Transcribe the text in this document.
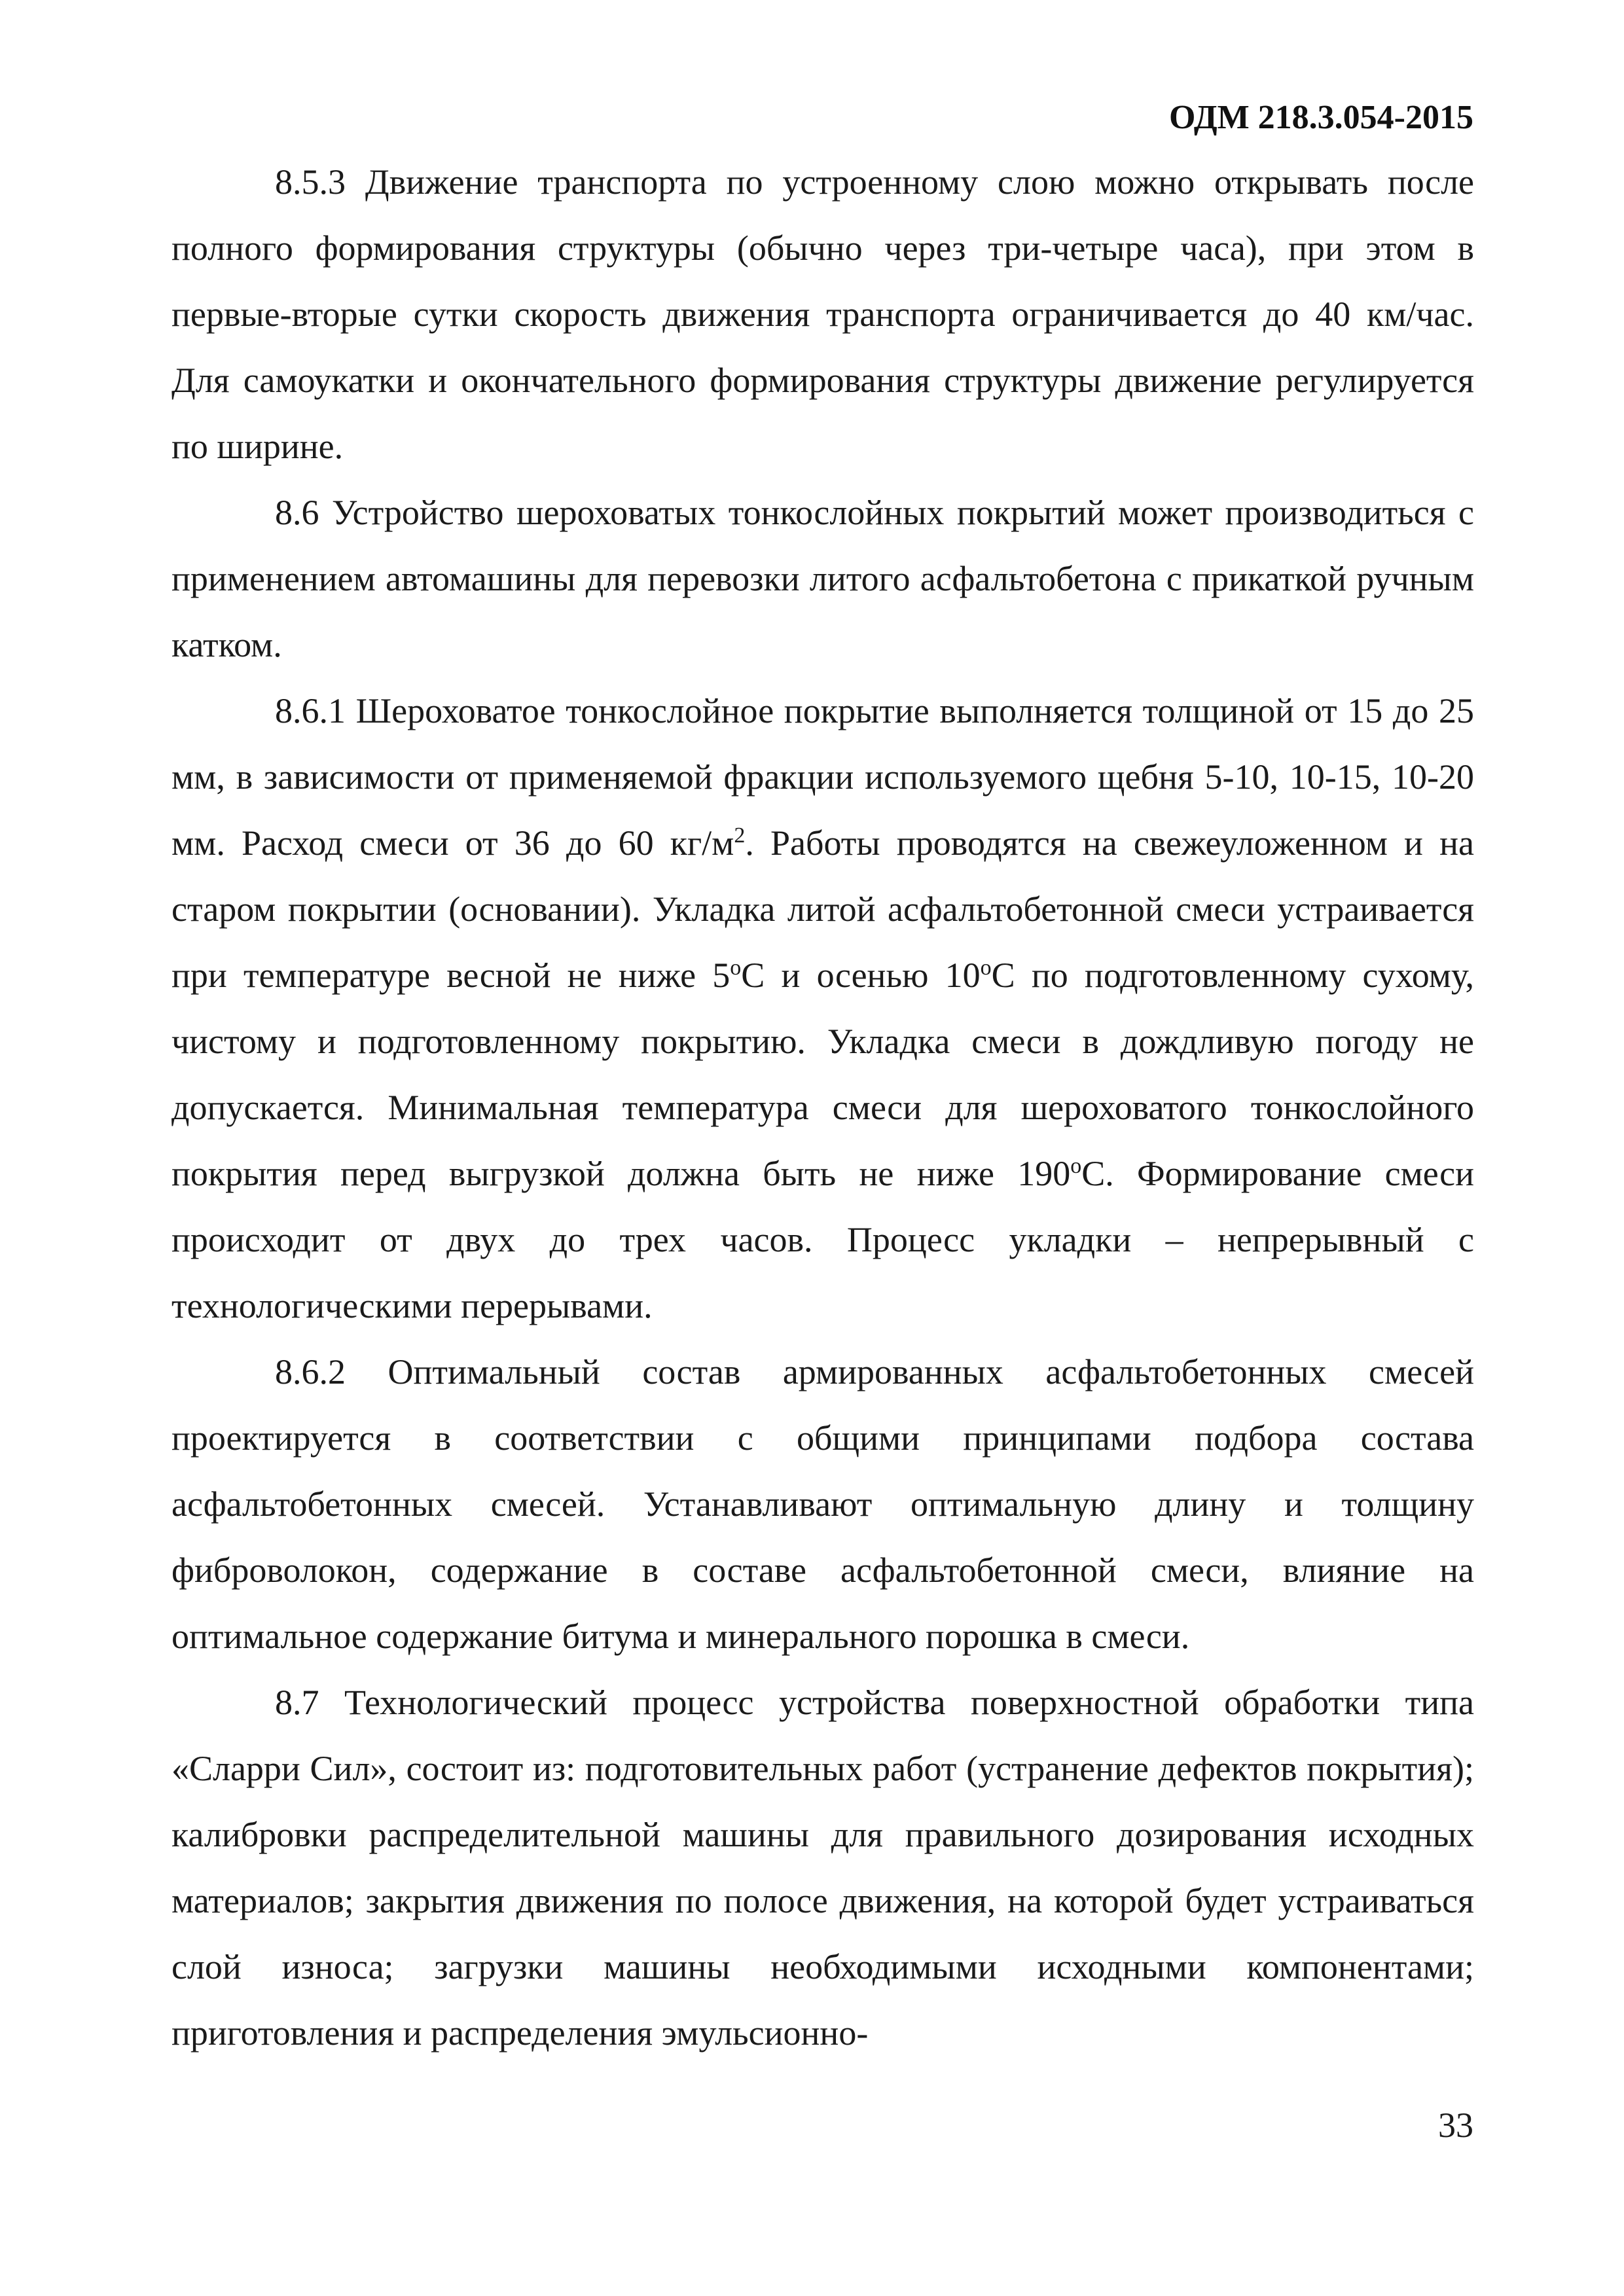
ОДМ 218.3.054-2015

8.5.3 Движение транспорта по устроенному слою можно открывать после полного формирования структуры (обычно через три-четыре часа), при этом в первые-вторые сутки скорость движения транспорта ограничивается до 40 км/час. Для самоукатки и окончательного формирования структуры движение регулируется по ширине.

8.6 Устройство шероховатых тонкослойных покрытий может производиться с применением автомашины для перевозки литого асфальтобетона с прикаткой ручным катком.

8.6.1 Шероховатое тонкослойное покрытие выполняется толщиной от 15 до 25 мм, в зависимости от применяемой фракции используемого щебня 5-10, 10-15, 10-20 мм. Расход смеси от 36 до 60 $кг/м^2$. Работы проводятся на свежеуложенном и на старом покрытии (основании). Укладка литой асфальтобетонной смеси устраивается при температуре весной не ниже $5^оС$ и осенью $10^оС$ по подготовленному сухому, чистому и подготовленному покрытию. Укладка смеси в дождливую погоду не допускается. Минимальная температура смеси для шероховатого тонкослойного покрытия перед выгрузкой должна быть не ниже $190^оС$. Формирование смеси происходит от двух до трех часов. Процесс укладки – непрерывный с технологическими перерывами.

8.6.2 Оптимальный состав армированных асфальтобетонных смесей проектируется в соответствии с общими принципами подбора состава асфальтобетонных смесей. Устанавливают оптимальную длину и толщину фиброволокон, содержание в составе асфальтобетонной смеси, влияние на оптимальное содержание битума и минерального порошка в смеси.

8.7 Технологический процесс устройства поверхностной обработки типа «Сларри Сил», состоит из: подготовительных работ (устранение дефектов покрытия); калибровки распределительной машины для правильного дозирования исходных материалов; закрытия движения по полосе движения, на которой будет устраиваться слой износа; загрузки машины необходимыми исходными компонентами; приготовления и распределения эмульсионно-

33
